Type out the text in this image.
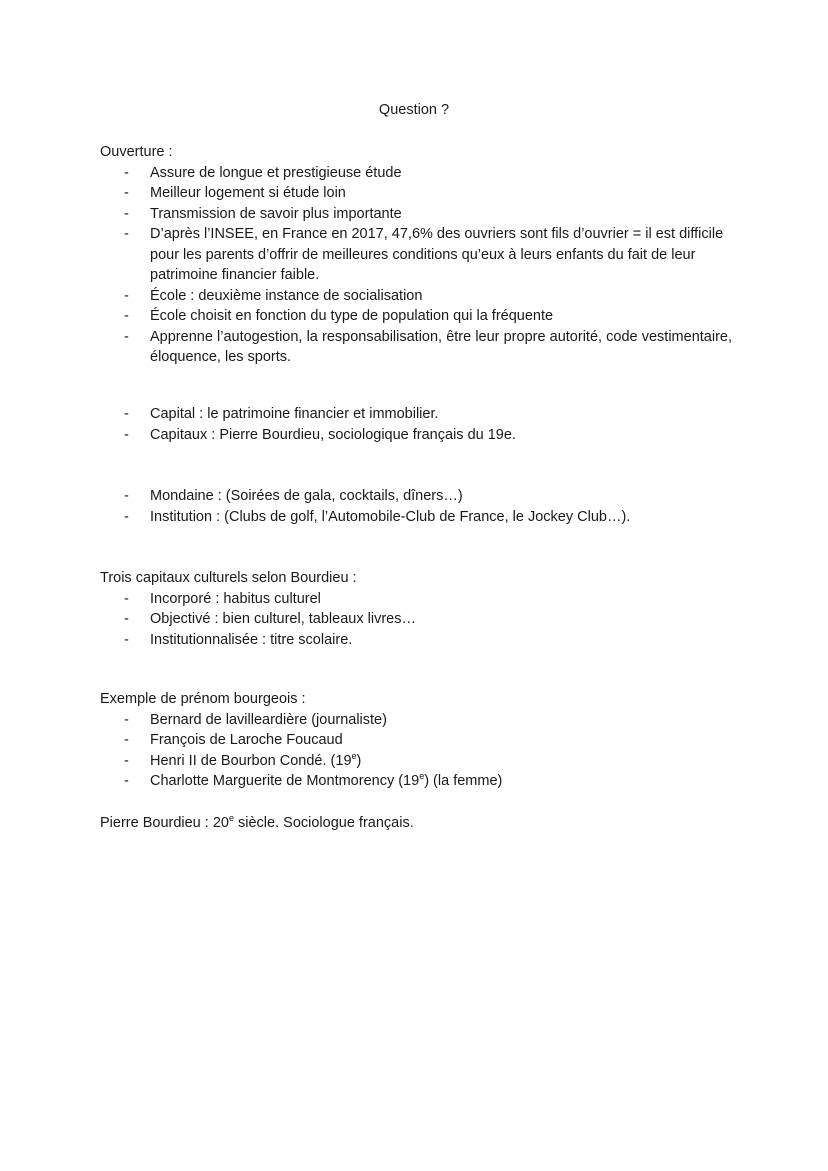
Question ?

Ouverture :

-	Assure de longue et prestigieuse étude
-	Meilleur logement si étude loin
-	Transmission de savoir plus importante
-	D’après l’INSEE, en France en 2017, 47,6% des ouvriers sont fils d’ouvrier = il est difficile pour les parents d’offrir de meilleures conditions qu’eux à leurs enfants du fait de leur patrimoine financier faible.
-	École : deuxième instance de socialisation
-	École choisit en fonction du type de population qui la fréquente
-	Apprenne l’autogestion, la responsabilisation, être leur propre autorité, code vestimentaire, éloquence, les sports.
-	Capital : le patrimoine financier et immobilier.
-	Capitaux : Pierre Bourdieu, sociologique français du 19e.
-	Mondaine : (Soirées de gala, cocktails, dîners…)
-	Institution : (Clubs de golf, l’Automobile-Club de France, le Jockey Club…).

Trois capitaux culturels selon Bourdieu :

-	Incorporé : habitus culturel
-	Objectivé : bien culturel, tableaux livres…
-	Institutionnalisée : titre scolaire.

Exemple de prénom bourgeois :

-	Bernard de lavilleardière (journaliste)
-	François de Laroche Foucaud
-	Henri II de Bourbon Condé. (19e)
-	Charlotte Marguerite de Montmorency (19e) (la femme)

Pierre Bourdieu : 20e siècle. Sociologue français.
